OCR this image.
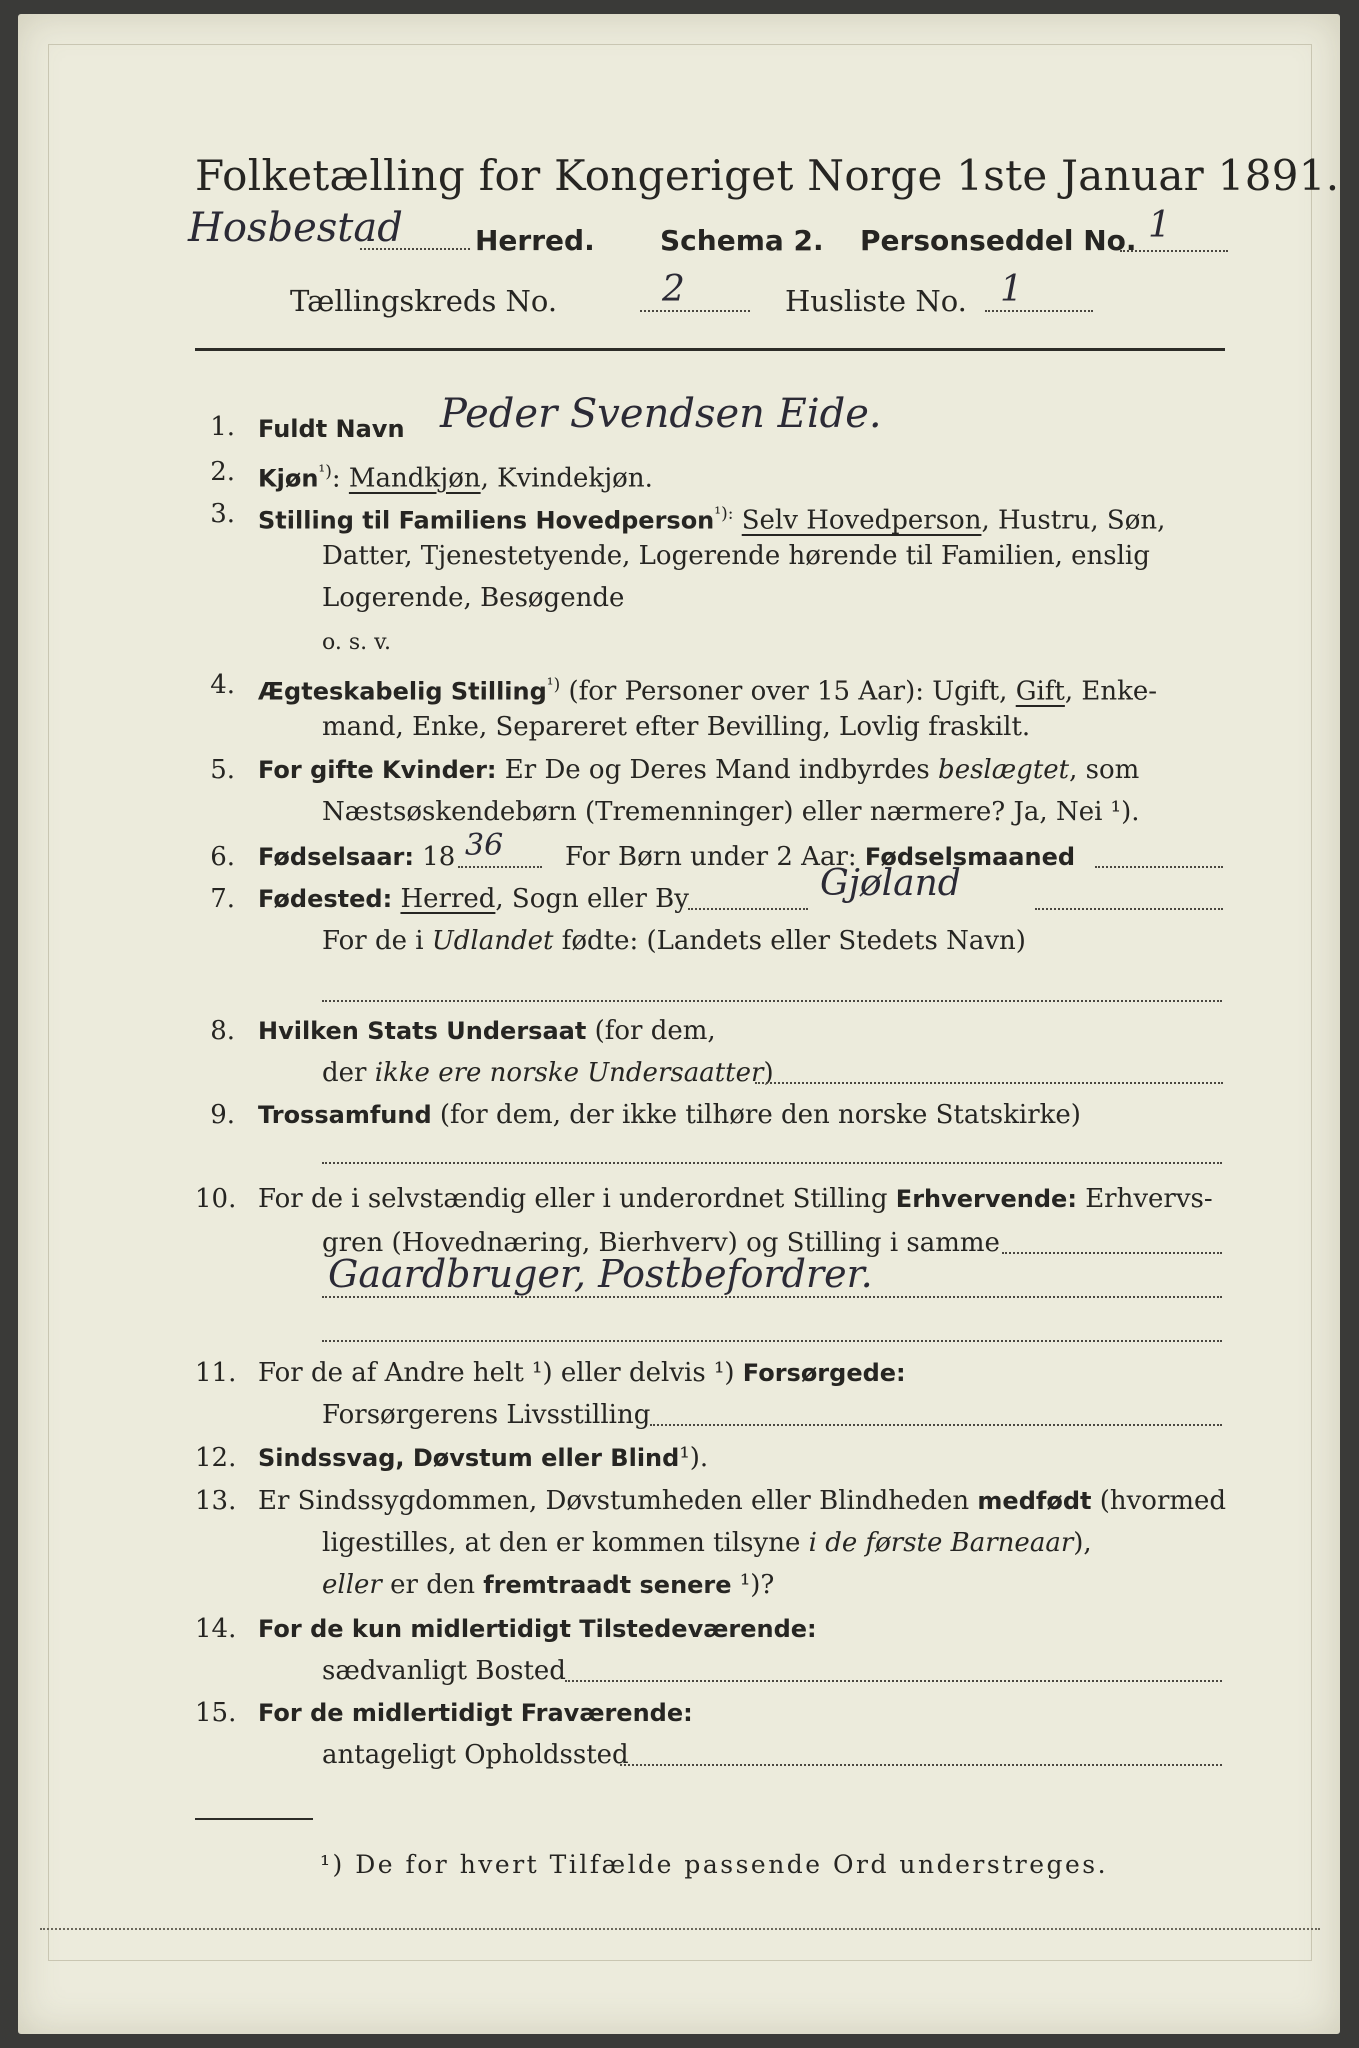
Folketælling for Kongeriget Norge 1ste Januar 1891.
Hosbestad	Herred. Schema 2. Personseddel No. 1
Tællingskreds No.	2	Husliste No. 1
1. Fuldt Navn Peder Svendsen Eide.
2. Kjøn$^{^1)}$: Mandkjøn, Kvindekjøn.
3. Stilling til Familiens Hovedperson$^{^1):}$ Selv Hovedperson, Hustru, Søn,
Datter, Tjenestetyende, Logerende hørende til Familien, enslig
Logerende, Besøgende
o. s. v.
4. Ægteskabelig Stilling$^{^1)}$ (for Personer over 15 Aar): Ugift, Gift, Enke-
mand, Enke, Separeret efter Bevilling, Lovlig fraskilt.
5. For gifte Kvinder: Er De og Deres Mand indbyrdes beslægtet, som
Næstsøskendebørn (Tremenninger) eller nærmere? Ja, Nei ¹).
6. Fødselsaar: 18 36 For Børn under 2 Aar: Fødselsmaaned
7. Fødested: Herred, Sogn eller By	Gjøland
For de i Udlandet fødte: (Landets eller Stedets Navn)
8. Hvilken Stats Undersaat (for dem,
der ikke ere norske Undersaatter)
9. Trossamfund (for dem, der ikke tilhøre den norske Statskirke)
10. For de i selvstændig eller i underordnet Stilling Erhvervende: Erhvervs-
gren (Hovednæring, Bierhverv) og Stilling i samme
Gaardbruger, Postbefordrer.
11. For de af Andre helt ¹) eller delvis ¹) Forsørgede:
Forsørgerens Livsstilling
12. Sindssvag, Døvstum eller Blind¹).
13. Er Sindssygdommen, Døvstumheden eller Blindheden medfødt (hvormed
ligestilles, at den er kommen tilsyne i de første Barneaar),
eller er den fremtraadt senere ¹)?
14. For de kun midlertidigt Tilstedeværende:
sædvanligt Bosted
15. For de midlertidigt Fraværende:
antageligt Opholdssted
¹) De for hvert Tilfælde passende Ord understreges.
